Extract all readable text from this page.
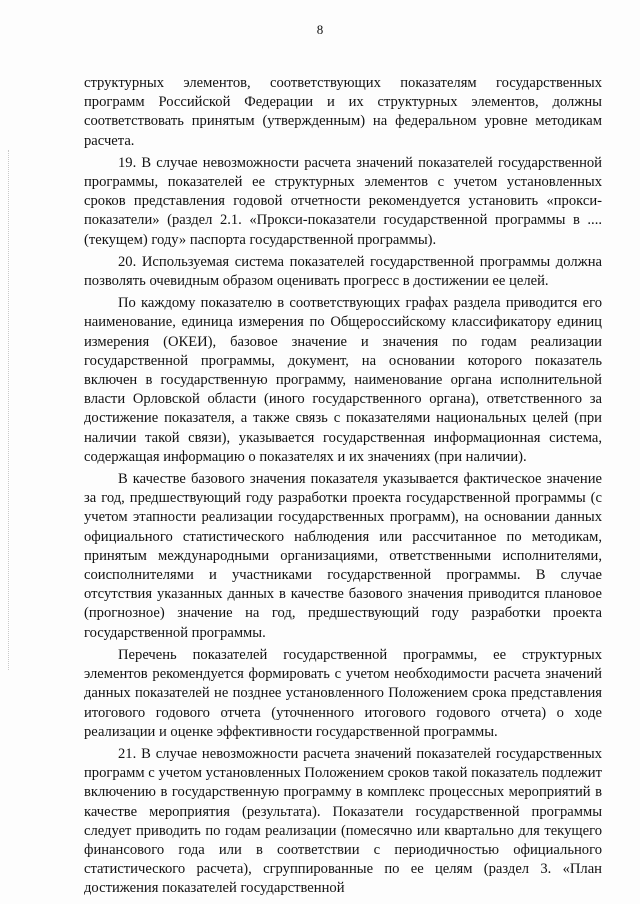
8

структурных элементов, соответствующих показателям государственных программ Российской Федерации и их структурных элементов, должны соответствовать принятым (утвержденным) на федеральном уровне методикам расчета.

19. В случае невозможности расчета значений показателей государственной программы, показателей ее структурных элементов с учетом установленных сроков представления годовой отчетности рекомендуется установить «прокси-показатели» (раздел 2.1. «Прокси-показатели государственной программы в ....(текущем) году» паспорта государственной программы).

20. Используемая система показателей государственной программы должна позволять очевидным образом оценивать прогресс в достижении ее целей.

По каждому показателю в соответствующих графах раздела приводится его наименование, единица измерения по Общероссийскому классификатору единиц измерения (ОКЕИ), базовое значение и значения по годам реализации государственной программы, документ, на основании которого показатель включен в государственную программу, наименование органа исполнительной власти Орловской области (иного государственного органа), ответственного за достижение показателя, а также связь с показателями национальных целей (при наличии такой связи), указывается государственная информационная система, содержащая информацию о показателях и их значениях (при наличии).

В качестве базового значения показателя указывается фактическое значение за год, предшествующий году разработки проекта государственной программы (с учетом этапности реализации государственных программ), на основании данных официального статистического наблюдения или рассчитанное по методикам, принятым международными организациями, ответственными исполнителями, соисполнителями и участниками государственной программы. В случае отсутствия указанных данных в качестве базового значения приводится плановое (прогнозное) значение на год, предшествующий году разработки проекта государственной программы.

Перечень показателей государственной программы, ее структурных элементов рекомендуется формировать с учетом необходимости расчета значений данных показателей не позднее установленного Положением срока представления итогового годового отчета (уточненного итогового годового отчета) о ходе реализации и оценке эффективности государственной программы.

21. В случае невозможности расчета значений показателей государственных программ с учетом установленных Положением сроков такой показатель подлежит включению в государственную программу в комплекс процессных мероприятий в качестве мероприятия (результата). Показатели государственной программы следует приводить по годам реализации (помесячно или квартально для текущего финансового года или в соответствии с периодичностью официального статистического расчета), сгруппированные по ее целям (раздел 3. «План достижения показателей государственной
